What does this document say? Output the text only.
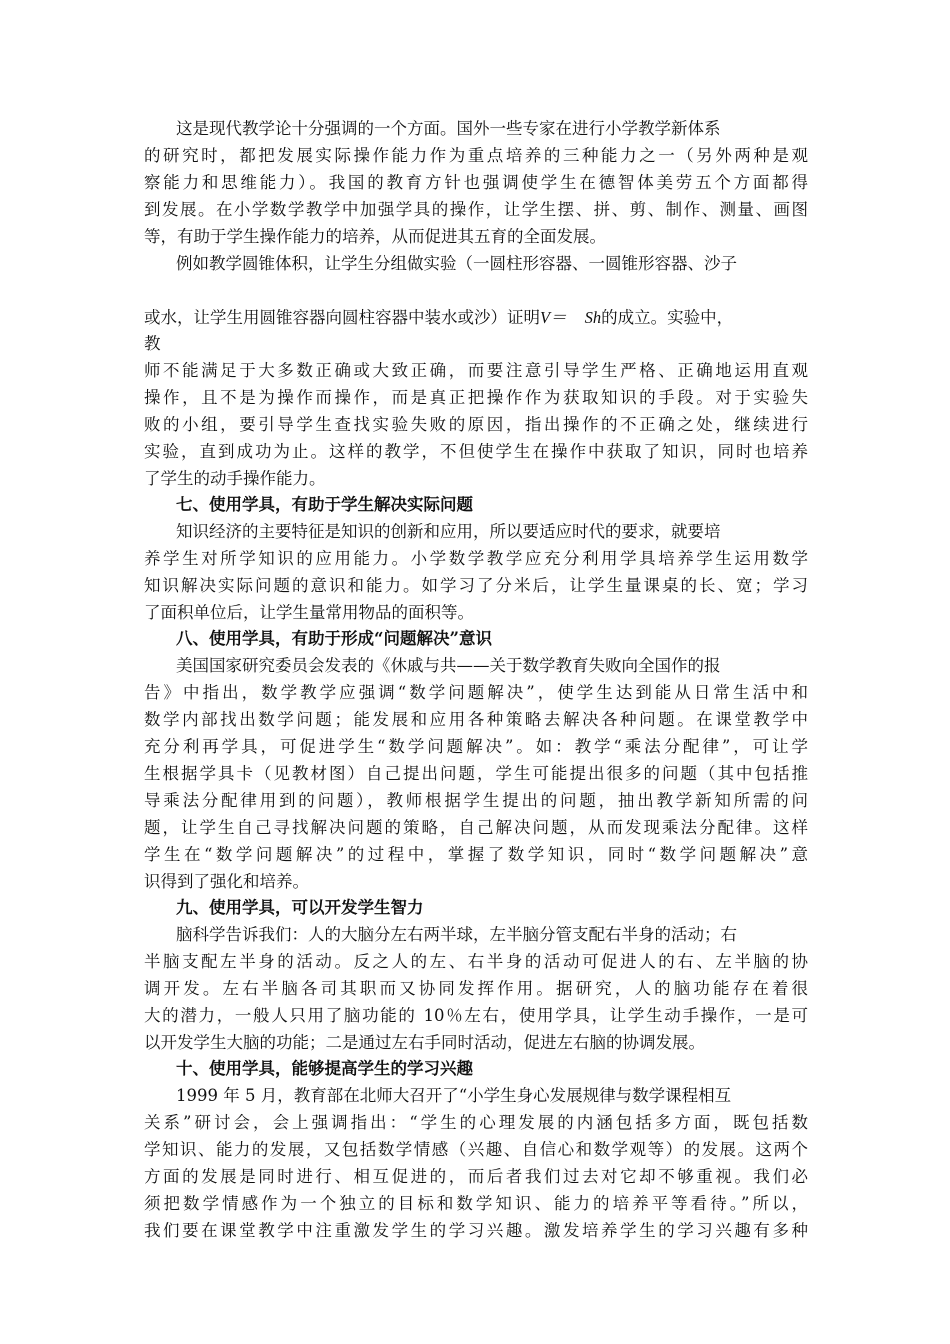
这是现代教学论十分强调的一个方面。国外一些专家在进行小学教学新体系
的研究时，都把发展实际操作能力作为重点培养的三种能力之一（另外两种是观
察能力和思维能力）。我国的教育方针也强调使学生在德智体美劳五个方面都得
到发展。在小学数学教学中加强学具的操作，让学生摆、拼、剪、制作、测量、画图
等，有助于学生操作能力的培养，从而促进其五育的全面发展。
例如教学圆锥体积，让学生分组做实验（一圆柱形容器、一圆锥形容器、沙子
或水，让学生用圆锥容器向圆柱容器中装水或沙）证明V＝ Sh的成立。实验中，
教
师不能满足于大多数正确或大致正确，而要注意引导学生严格、正确地运用直观
操作，且不是为操作而操作，而是真正把操作作为获取知识的手段。对于实验失
败的小组，要引导学生查找实验失败的原因，指出操作的不正确之处，继续进行
实验，直到成功为止。这样的教学，不但使学生在操作中获取了知识，同时也培养
了学生的动手操作能力。
七、使用学具，有助于学生解决实际问题
知识经济的主要特征是知识的创新和应用，所以要适应时代的要求，就要培
养学生对所学知识的应用能力。小学数学教学应充分利用学具培养学生运用数学
知识解决实际问题的意识和能力。如学习了分米后，让学生量课桌的长、宽；学习
了面积单位后，让学生量常用物品的面积等。
八、使用学具，有助于形成“问题解决”意识
美国国家研究委员会发表的《休戚与共——关于数学教育失败向全国作的报
告》中指出，数学教学应强调“数学问题解决”，使学生达到能从日常生活中和
数学内部找出数学问题；能发展和应用各种策略去解决各种问题。在课堂教学中
充分利再学具，可促进学生“数学问题解决”。如：教学“乘法分配律”，可让学
生根据学具卡（见教材图）自己提出问题，学生可能提出很多的问题（其中包括推
导乘法分配律用到的问题），教师根据学生提出的问题，抽出教学新知所需的问
题，让学生自己寻找解决问题的策略，自己解决问题，从而发现乘法分配律。这样
学生在“数学问题解决”的过程中，掌握了数学知识，同时“数学问题解决”意
识得到了强化和培养。
九、使用学具，可以开发学生智力
脑科学告诉我们：人的大脑分左右两半球，左半脑分管支配右半身的活动；右
半脑支配左半身的活动。反之人的左、右半身的活动可促进人的右、左半脑的协
调开发。左右半脑各司其职而又协同发挥作用。据研究，人的脑功能存在着很
大的潜力，一般人只用了脑功能的 10％左右，使用学具，让学生动手操作，一是可
以开发学生大脑的功能；二是通过左右手同时活动，促进左右脑的协调发展。
十、使用学具，能够提高学生的学习兴趣
1999 年 5 月，教育部在北师大召开了“小学生身心发展规律与数学课程相互
关系”研讨会，会上强调指出：“学生的心理发展的内涵包括多方面，既包括数
学知识、能力的发展，又包括数学情感（兴趣、自信心和数学观等）的发展。这两个
方面的发展是同时进行、相互促进的，而后者我们过去对它却不够重视。我们必
须把数学情感作为一个独立的目标和数学知识、能力的培养平等看待。”所以，
我们要在课堂教学中注重激发学生的学习兴趣。激发培养学生的学习兴趣有多种
